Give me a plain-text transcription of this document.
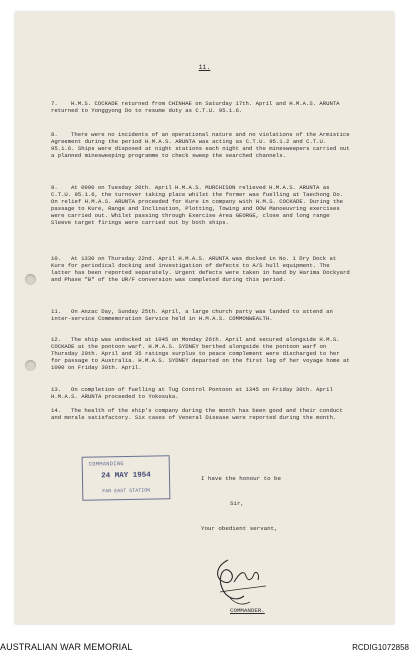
11.

7. H.M.S. COCKADE returned from CHINHAE on Saturday 17th. April and H.M.A.S. ARUNTA returned to Yonggyong Do to resume duty as C.T.U. 95.1.6.

8. There were no incidents of an operational nature and no violations of the Armistice Agreement during the period H.M.A.S. ARUNTA was acting as C.T.U. 95.1.2 and C.T.U. 95.1.6. Ships were disposed at night stations each night and the minesweepers carried out a planned minesweeping programme to check sweep the searched channels.

9. At 0900 on Tuesday 20th. April H.M.A.S. MURCHISON relieved H.M.A.S. ARUNTA as C.T.U. 95.1.6, the turnover taking place whilst the former was fuelling at Taechong Do. On relief H.M.A.S. ARUNTA proceeded for Kure in company with H.M.S. COCKADE. During the passage to Kure, Range and Inclination, Plotting, Towing and OOW Manoeuvring exercises were carried out. Whilst passing through Exercise Area GEORGE, close and long range Sleeve target firings were carried out by both ships.

10. At 1330 on Thursday 22nd. April H.M.A.S. ARUNTA was docked in No. 1 Dry Dock at Kure for periodical docking and investigation of defects to A/S hull equipment. The latter has been reported separately. Urgent defects were taken in hand by Harima Dockyard and Phase "B" of the UR/F conversion was completed during this period.

11. On Anzac Day, Sunday 25th. April, a large church party was landed to attend an inter-service Commemoration Service held in H.M.A.S. COMMONWEALTH.

12. The ship was undocked at 1045 on Monday 26th. April and secured alongside H.M.S. COCKADE at the pontoon warf. H.M.A.S. SYDNEY berthed alongside the pontoon warf on Thursday 29th. April and 35 ratings surplus to peace complement were discharged to her for passage to Australia. H.M.A.S. SYDNEY departed on the first leg of her voyage home at 1000 on Friday 30th. April.

13. On completion of fuelling at Tug Control Pontoon at 1345 on Friday 30th. April H.M.A.S. ARUNTA proceeded to Yokosuka.

14. The health of the ship's company during the month has been good and their conduct and morale satisfactory. Six cases of Veneral Disease were reported during the month.

I have the honour to be
Sir,
Your obedient servant,
COMMANDER.
COMMANDING
24 MAY 1954
FAR EAST STATION
AUSTRALIAN WAR MEMORIAL	RCDIG1072858
